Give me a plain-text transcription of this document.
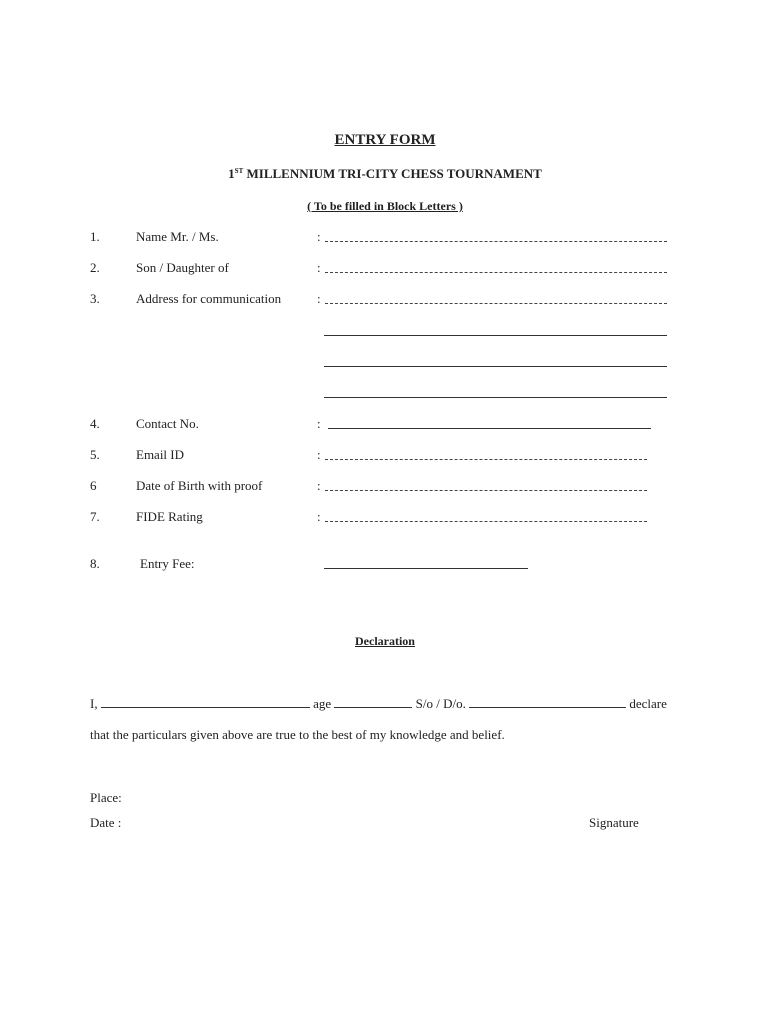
ENTRY FORM
1ST MILLENNIUM TRI-CITY CHESS TOURNAMENT
( To be filled in Block Letters )
1.	Name Mr. / Ms.	:
2.	Son / Daughter of	:
3.	Address for communication	:
4.	Contact No.	:
5.	Email ID	:
6	Date of Birth with proof	:
7.	FIDE Rating	:
8.	Entry Fee:
Declaration
I,	age	S/o / D/o.	declare
that the particulars given above are true to the best of my knowledge and belief.
Place:
Date :	Signature
